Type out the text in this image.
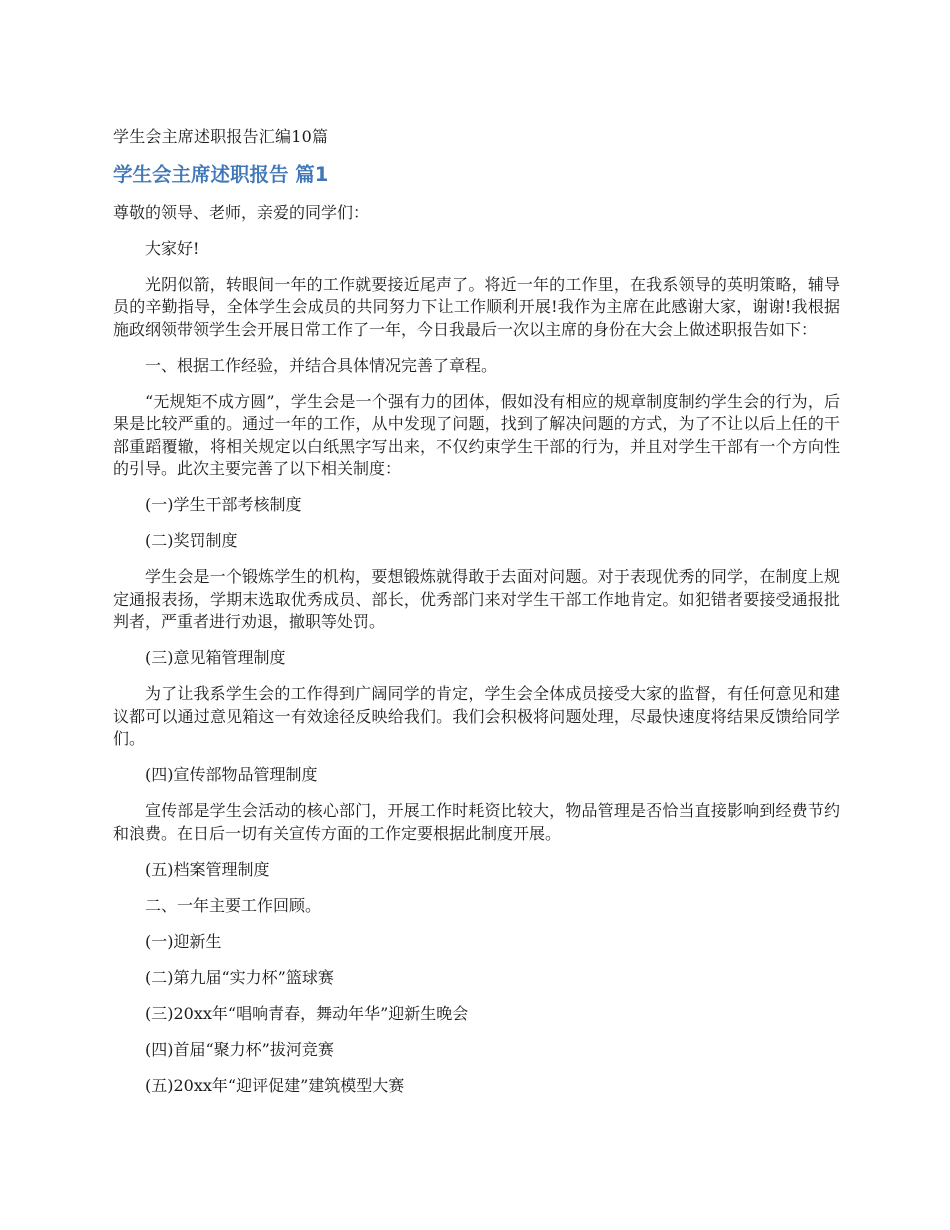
学生会主席述职报告汇编10篇
学生会主席述职报告 篇1

尊敬的领导、老师，亲爱的同学们：

大家好!

光阴似箭，转眼间一年的工作就要接近尾声了。将近一年的工作里，在我系领导的英明策略，辅导员的辛勤指导，全体学生会成员的共同努力下让工作顺利开展!我作为主席在此感谢大家，谢谢!我根据施政纲领带领学生会开展日常工作了一年，今日我最后一次以主席的身份在大会上做述职报告如下：

一、根据工作经验，并结合具体情况完善了章程。

“无规矩不成方圆”，学生会是一个强有力的团体，假如没有相应的规章制度制约学生会的行为，后果是比较严重的。通过一年的工作，从中发现了问题，找到了解决问题的方式，为了不让以后上任的干部重蹈覆辙，将相关规定以白纸黑字写出来，不仅约束学生干部的行为，并且对学生干部有一个方向性的引导。此次主要完善了以下相关制度：

(一)学生干部考核制度

(二)奖罚制度

学生会是一个锻炼学生的机构，要想锻炼就得敢于去面对问题。对于表现优秀的同学，在制度上规定通报表扬，学期末选取优秀成员、部长，优秀部门来对学生干部工作地肯定。如犯错者要接受通报批判者，严重者进行劝退，撤职等处罚。

(三)意见箱管理制度

为了让我系学生会的工作得到广阔同学的肯定，学生会全体成员接受大家的监督，有任何意见和建议都可以通过意见箱这一有效途径反映给我们。我们会积极将问题处理，尽最快速度将结果反馈给同学们。

(四)宣传部物品管理制度

宣传部是学生会活动的核心部门，开展工作时耗资比较大，物品管理是否恰当直接影响到经费节约和浪费。在日后一切有关宣传方面的工作定要根据此制度开展。

(五)档案管理制度

二、一年主要工作回顾。

(一)迎新生

(二)第九届“实力杯”篮球赛

(三)20xx年“唱响青春，舞动年华”迎新生晚会

(四)首届“聚力杯”拔河竞赛

(五)20xx年“迎评促建”建筑模型大赛
